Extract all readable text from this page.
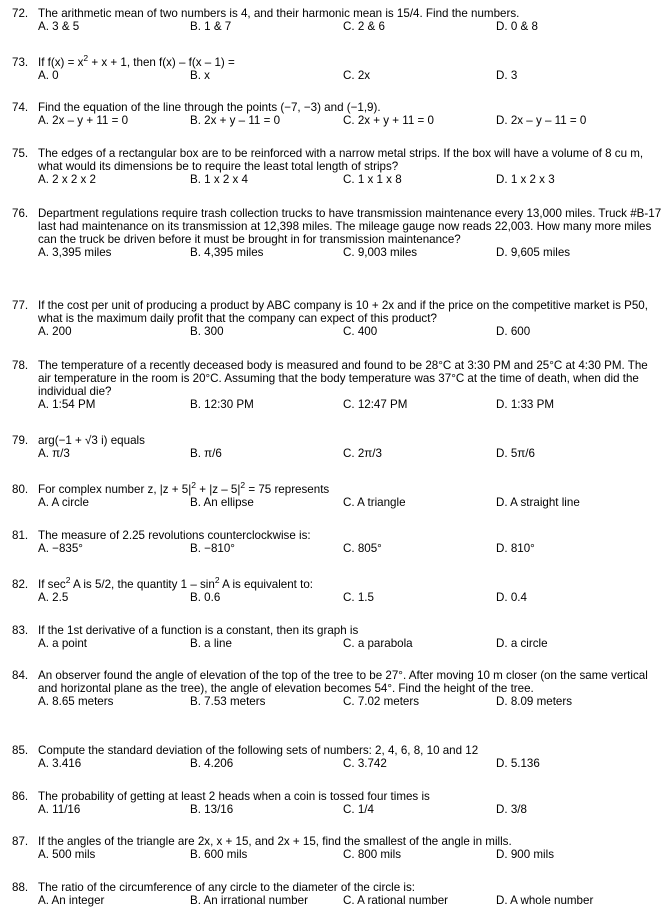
72. The arithmetic mean of two numbers is 4, and their harmonic mean is 15/4. Find the numbers.
A. 3 & 5	B. 1 & 7	C. 2 & 6	D. 0 & 8
73. If $f(x) = x^2 + x + 1$, then f(x) – f(x – 1) =
A. 0	B. x	C. 2x	D. 3
74. Find the equation of the line through the points (−7, −3) and (−1,9).
A. 2x – y + 11 = 0	B. 2x + y – 11 = 0	C. 2x + y + 11 = 0	D. 2x – y – 11 = 0
75. The edges of a rectangular box are to be reinforced with a narrow metal strips. If the box will have a volume of 8 cu m, what would its dimensions be to require the least total length of strips?
A. 2 x 2 x 2	B. 1 x 2 x 4	C. 1 x 1 x 8	D. 1 x 2 x 3
76. Department regulations require trash collection trucks to have transmission maintenance every 13,000 miles. Truck #B-17 last had maintenance on its transmission at 12,398 miles. The mileage gauge now reads 22,003. How many more miles can the truck be driven before it must be brought in for transmission maintenance?
A. 3,395 miles	B. 4,395 miles	C. 9,003 miles	D. 9,605 miles
77. If the cost per unit of producing a product by ABC company is 10 + 2x and if the price on the competitive market is P50, what is the maximum daily profit that the company can expect of this product?
A. 200	B. 300	C. 400	D. 600
78. The temperature of a recently deceased body is measured and found to be 28°C at 3:30 PM and 25°C at 4:30 PM. The air temperature in the room is 20°C. Assuming that the body temperature was 37°C at the time of death, when did the individual die?
A. 1:54 PM	B. 12:30 PM	C. 12:47 PM	D. 1:33 PM
79. arg(−1 + √3 i) equals
A. π/3	B. π/6	C. 2π/3	D. 5π/6
80. For complex number z, $|z + 5|^2 + |z - 5|^2 = 75$ represents
A. A circle	B. An ellipse	C. A triangle	D. A straight line
81. The measure of 2.25 revolutions counterclockwise is:
A. −835°	B. −810°	C. 805°	D. 810°
82. If $\sec^2 A$ is 5/2, the quantity $1 - \sin^2 A$ is equivalent to:
A. 2.5	B. 0.6	C. 1.5	D. 0.4
83. If the 1st derivative of a function is a constant, then its graph is
A. a point	B. a line	C. a parabola	D. a circle
84. An observer found the angle of elevation of the top of the tree to be 27°. After moving 10 m closer (on the same vertical and horizontal plane as the tree), the angle of elevation becomes 54°. Find the height of the tree.
A. 8.65 meters	B. 7.53 meters	C. 7.02 meters	D. 8.09 meters
85. Compute the standard deviation of the following sets of numbers: 2, 4, 6, 8, 10 and 12
A. 3.416	B. 4.206	C. 3.742	D. 5.136
86. The probability of getting at least 2 heads when a coin is tossed four times is
A. 11/16	B. 13/16	C. 1/4	D. 3/8
87. If the angles of the triangle are 2x, x + 15, and 2x + 15, find the smallest of the angle in mills.
A. 500 mils	B. 600 mils	C. 800 mils	D. 900 mils
88. The ratio of the circumference of any circle to the diameter of the circle is:
A. An integer	B. An irrational number	C. A rational number	D. A whole number
